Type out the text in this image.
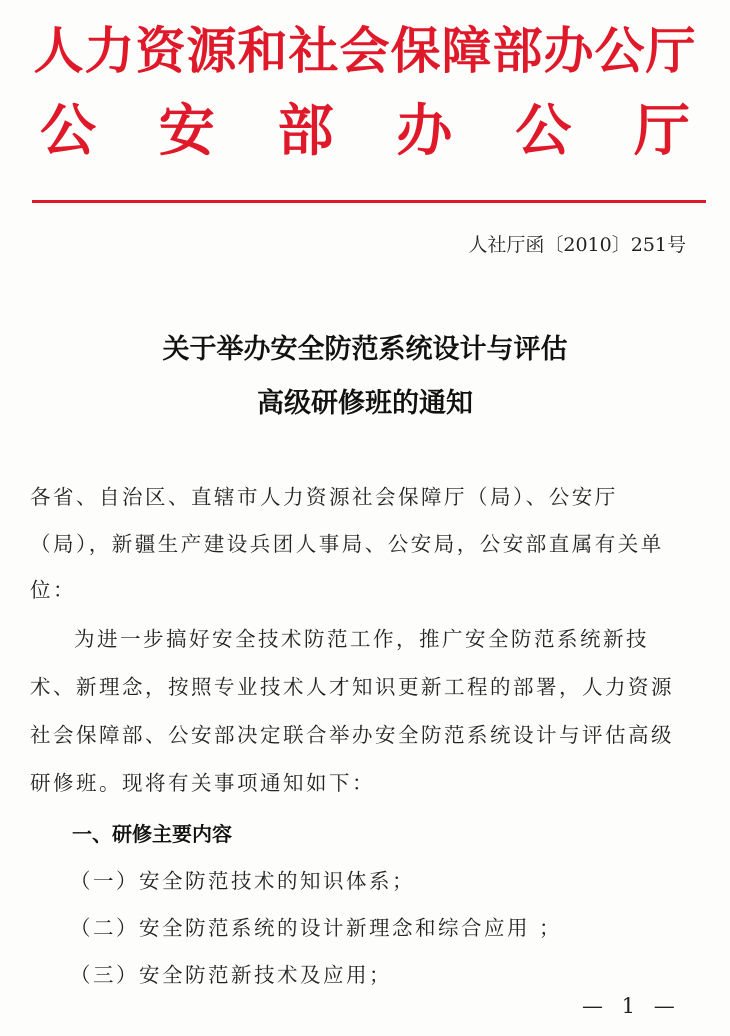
人力资源和社会保障部办公厅
公 安 部 办 公 厅
人社厅函〔2010〕251号
关于举办安全防范系统设计与评估
高级研修班的通知
各省、自治区、直辖市人力资源社会保障厅（局）、公安厅
（局），新疆生产建设兵团人事局、公安局，公安部直属有关单
位：
为进一步搞好安全技术防范工作，推广安全防范系统新技
术、新理念，按照专业技术人才知识更新工程的部署，人力资源
社会保障部、公安部决定联合举办安全防范系统设计与评估高级
研修班。现将有关事项通知如下：
一、研修主要内容
（一）安全防范技术的知识体系；
（二）安全防范系统的设计新理念和综合应用 ；
（三）安全防范新技术及应用；
— 1 —
